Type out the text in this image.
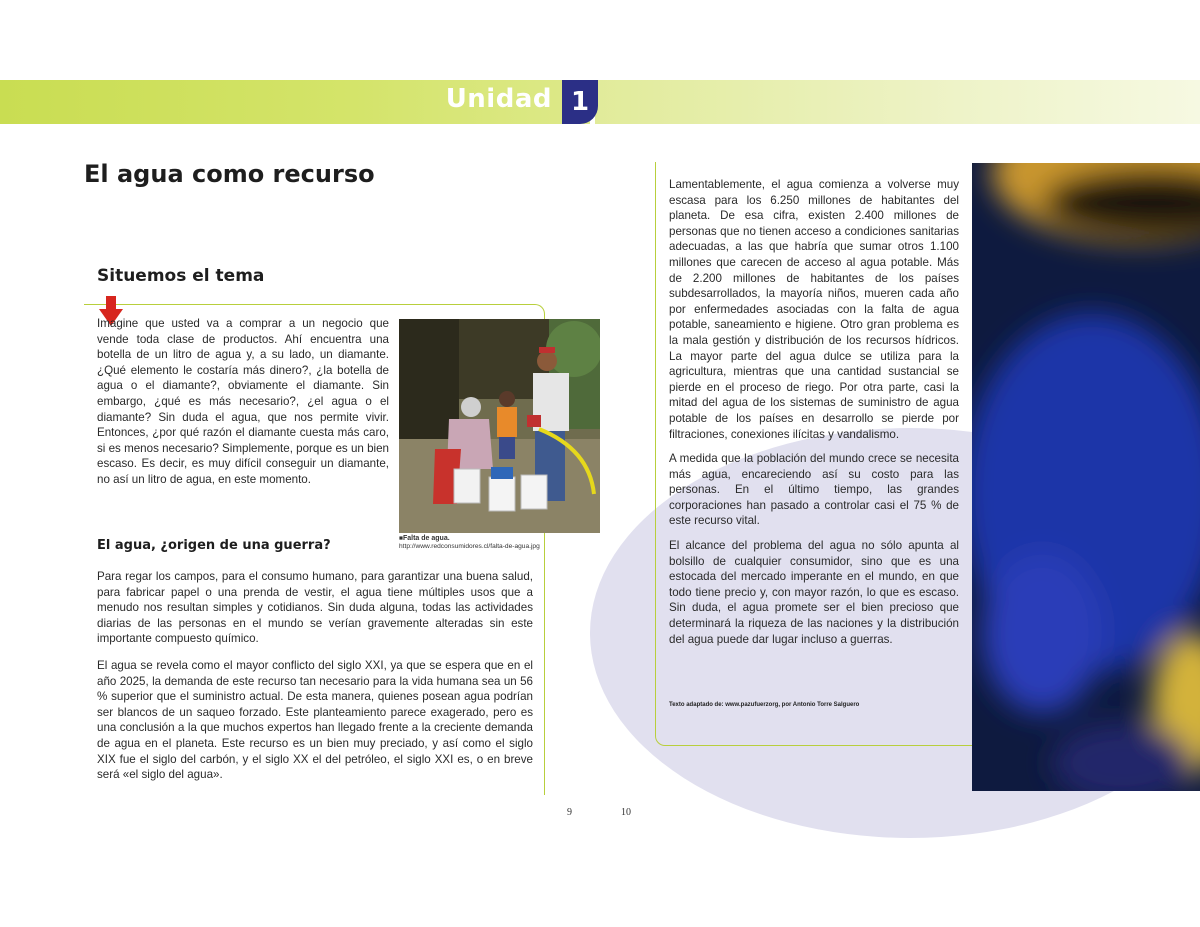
Unidad 1
El agua como recurso
Situemos el tema

Imagine que usted va a comprar a un negocio que vende toda clase de productos. Ahí encuentra una botella de un litro de agua y, a su lado, un diamante. ¿Qué elemento le costaría más dinero?, ¿la botella de agua o el diamante?, obviamente el diamante. Sin embargo, ¿qué es más necesario?, ¿el agua o el diamante? Sin duda el agua, que nos permite vivir. Entonces, ¿por qué razón el diamante cuesta más caro, si es menos necesario? Simplemente, porque es un bien escaso. Es decir, es muy difícil conseguir un diamante, no así un litro de agua, en este momento.

■Falta de agua.
http://www.redconsumidores.cl/falta-de-agua.jpg
El agua, ¿origen de una guerra?

Para regar los campos, para el consumo humano, para garantizar una buena salud, para fabricar papel o una prenda de vestir, el agua tiene múltiples usos que a menudo nos resultan simples y cotidianos. Sin duda alguna, todas las actividades diarias de las personas en el mundo se verían gravemente alteradas sin este importante compuesto químico.

El agua se revela como el mayor conflicto del siglo XXI, ya que se espera que en el año 2025, la demanda de este recurso tan necesario para la vida humana sea un 56 % superior que el suministro actual. De esta manera, quienes posean agua podrían ser blancos de un saqueo forzado. Este planteamiento parece exagerado, pero es una conclusión a la que muchos expertos han llegado frente a la creciente demanda de agua en el planeta. Este recurso es un bien muy preciado, y así como el siglo XIX fue el siglo del carbón, y el siglo XX el del petróleo, el siglo XXI es, o en breve será «el siglo del agua».

Lamentablemente, el agua comienza a volverse muy escasa para los 6.250 millones de habitantes del planeta. De esa cifra, existen 2.400 millones de personas que no tienen acceso a condiciones sanitarias adecuadas, a las que habría que sumar otros 1.100 millones que carecen de acceso al agua potable. Más de 2.200 millones de habitantes de los países subdesarrollados, la mayoría niños, mueren cada año por enfermedades asociadas con la falta de agua potable, saneamiento e higiene. Otro gran problema es la mala gestión y distribución de los recursos hídricos. La mayor parte del agua dulce se utiliza para la agricultura, mientras que una cantidad sustancial se pierde en el proceso de riego. Por otra parte, casi la mitad del agua de los sistemas de suministro de agua potable de los países en desarrollo se pierde por filtraciones, conexiones ilícitas y vandalismo.

A medida que la población del mundo crece se necesita más agua, encareciendo así su costo para las personas. En el último tiempo, las grandes corporaciones han pasado a controlar casi el 75 % de este recurso vital.

El alcance del problema del agua no sólo apunta al bolsillo de cualquier consumidor, sino que es una estocada del mercado imperante en el mundo, en que todo tiene precio y, con mayor razón, lo que es escaso. Sin duda, el agua promete ser el bien precioso que determinará la riqueza de las naciones y la distribución del agua puede dar lugar incluso a guerras.

Texto adaptado de: www.pazufuerzorg, por Antonio Torre Salguero
9	10
